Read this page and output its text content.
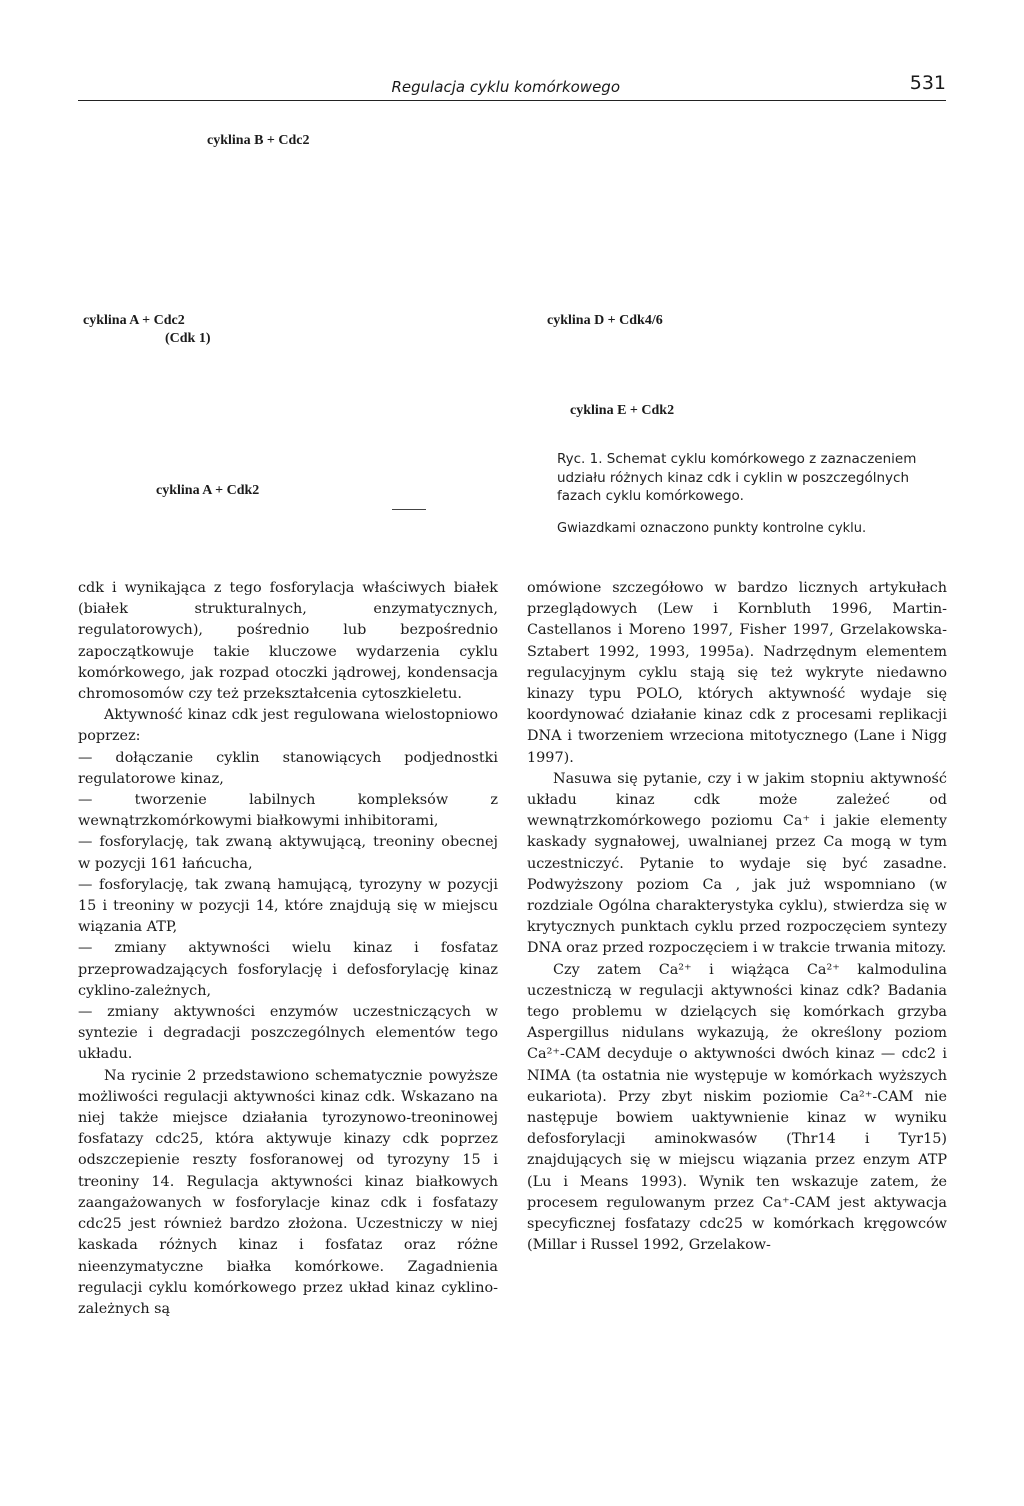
Regulacja cyklu komórkowego	531
cyklina B + Cdc2
cyklina A + Cdc2
(Cdk 1)
cyklina D + Cdk4/6
cyklina E + Cdk2
cyklina A + Cdk2
Ryc. 1. Schemat cyklu komórkowego z zaznaczeniem udziału różnych kinaz cdk i cyklin w poszczególnych fazach cyklu komórkowego.
Gwiazdkami oznaczono punkty kontrolne cyklu.

cdk i wynikająca z tego fosforylacja właściwych białek (białek strukturalnych, enzymatycznych, regulatorowych), pośrednio lub bezpośrednio zapoczątkowuje takie kluczowe wydarzenia cyklu komórkowego, jak rozpad otoczki jądrowej, kondensacja chromosomów czy też przekształcenia cytoszkieletu.

Aktywność kinaz cdk jest regulowana wielostopniowo poprzez:

— dołączanie cyklin stanowiących podjednostki regulatorowe kinaz,

— tworzenie labilnych kompleksów z wewnątrzkomórkowymi białkowymi inhibitorami,

— fosforylację, tak zwaną aktywującą, treoniny obecnej w pozycji 161 łańcucha,

— fosforylację, tak zwaną hamującą, tyrozyny w pozycji 15 i treoniny w pozycji 14, które znajdują się w miejscu wiązania ATP,

— zmiany aktywności wielu kinaz i fosfataz przeprowadzających fosforylację i defosforylację kinaz cyklino-zależnych,

— zmiany aktywności enzymów uczestniczących w syntezie i degradacji poszczególnych elementów tego układu.

Na rycinie 2 przedstawiono schematycznie powyższe możliwości regulacji aktywności kinaz cdk. Wskazano na niej także miejsce działania tyrozynowo-treoninowej fosfatazy cdc25, która aktywuje kinazy cdk poprzez odszczepienie reszty fosforanowej od tyrozyny 15 i treoniny 14. Regulacja aktywności kinaz białkowych zaangażowanych w fosforylacje kinaz cdk i fosfatazy cdc25 jest również bardzo złożona. Uczestniczy w niej kaskada różnych kinaz i fosfataz oraz różne nieenzymatyczne białka komórkowe. Zagadnienia regulacji cyklu komórkowego przez układ kinaz cyklino-zależnych są

omówione szczegółowo w bardzo licznych artykułach przeglądowych (Lew i Kornbluth 1996, Martin-Castellanos i Moreno 1997, Fisher 1997, Grzelakowska-Sztabert 1992, 1993, 1995a). Nadrzędnym elementem regulacyjnym cyklu stają się też wykryte niedawno kinazy typu POLO, których aktywność wydaje się koordynować działanie kinaz cdk z procesami replikacji DNA i tworzeniem wrzeciona mitotycznego (Lane i Nigg 1997).

Nasuwa się pytanie, czy i w jakim stopniu aktywność układu kinaz cdk może zależeć od wewnątrzkomórkowego poziomu Ca⁺ i jakie elementy kaskady sygnałowej, uwalnianej przez Ca mogą w tym uczestniczyć. Pytanie to wydaje się być zasadne. Podwyższony poziom Ca , jak już wspomniano (w rozdziale Ogólna charakterystyka cyklu), stwierdza się w krytycznych punktach cyklu przed rozpoczęciem syntezy DNA oraz przed rozpoczęciem i w trakcie trwania mitozy.

Czy zatem Ca²⁺ i wiążąca Ca²⁺ kalmodulina uczestniczą w regulacji aktywności kinaz cdk? Badania tego problemu w dzielących się komórkach grzyba Aspergillus nidulans wykazują, że określony poziom Ca²⁺-CAM decyduje o aktywności dwóch kinaz — cdc2 i NIMA (ta ostatnia nie występuje w komórkach wyższych eukariota). Przy zbyt niskim poziomie Ca²⁺-CAM nie następuje bowiem uaktywnienie kinaz w wyniku defosforylacji aminokwasów (Thr14 i Tyr15) znajdujących się w miejscu wiązania przez enzym ATP (Lu i Means 1993). Wynik ten wskazuje zatem, że procesem regulowanym przez Ca⁺-CAM jest aktywacja specyficznej fosfatazy cdc25 w komórkach kręgowców (Millar i Russel 1992, Grzelakow-
